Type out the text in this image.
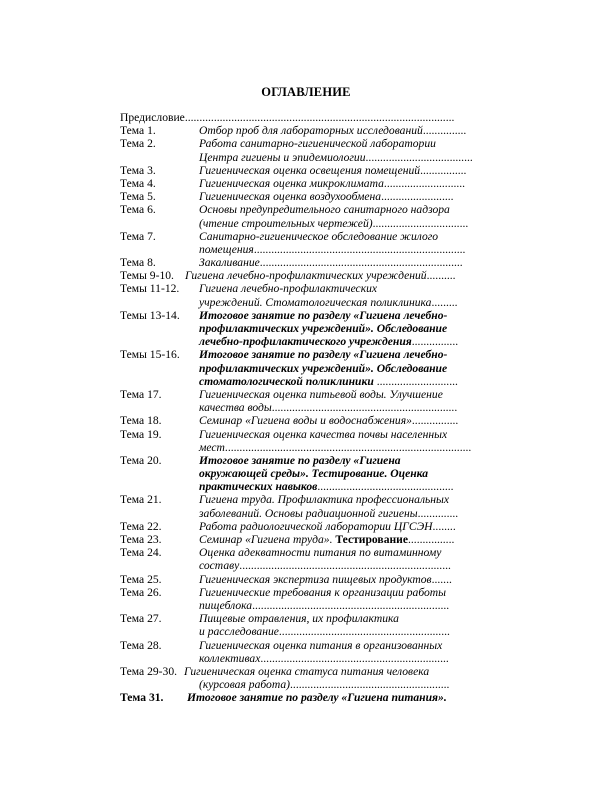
ОГЛАВЛЕНИЕ
Предисловие.............................................................................................
Тема 1.	Отбор проб для лабораторных исследований...............
Тема 2.	Работа санитарно-гигиенической лаборатории
Центра гигиены и эпидемиологии.....................................
Тема 3.	Гигиеническая оценка освещения помещений................
Тема 4.	Гигиеническая оценка микроклимата............................
Тема 5.	Гигиеническая оценка воздухообмена.........................
Тема 6.	Основы предупредительного санитарного надзора
(чтение строительных чертежей).................................
Тема 7.	Санитарно-гигиеническое обследование жилого
помещения.........................................................................
Тема 8.	Закаливание......................................................................
Темы 9-10. Гигиена лечебно-профилактических учреждений..........
Темы 11-12. Гигиена лечебно-профилактических
учреждений. Стоматологическая поликлиника.........
Темы 13-14. Итоговое занятие по разделу «Гигиена лечебно-
профилактических учреждений». Обследование
лечебно-профилактического учреждения................
Темы 15-16. Итоговое занятие по разделу «Гигиена лечебно-
профилактических учреждений». Обследование
стоматологической поликлиники ............................
Тема 17.	Гигиеническая оценка питьевой воды. Улучшение
качества воды................................................................
Тема 18.	Семинар «Гигиена воды и водоснабжения»................
Тема 19.	Гигиеническая оценка качества почвы населенных
мест.....................................................................................
Тема 20.	Итоговое занятие по разделу «Гигиена
окружающей среды». Тестирование. Оценка
практических навыков...............................................
Тема 21.	Гигиена труда. Профилактика профессиональных
заболеваний. Основы радиационной гигиены..............
Тема 22.	Работа радиологической лаборатории ЦГСЭН........
Тема 23.	Семинар «Гигиена труда». Тестирование................
Тема 24.	Оценка адекватности питания по витаминному
составу.........................................................................
Тема 25.	Гигиеническая экспертиза пищевых продуктов.......
Тема 26.	Гигиенические требования к организации работы
пищеблока....................................................................
Тема 27.	Пищевые отравления, их профилактика
и расследование...........................................................
Тема 28.	Гигиеническая оценка питания в организованных
коллективах.................................................................
Тема 29-30. Гигиеническая оценка статуса питания человека
(курсовая работа).......................................................
Тема 31. Итоговое занятие по разделу «Гигиена питания».
